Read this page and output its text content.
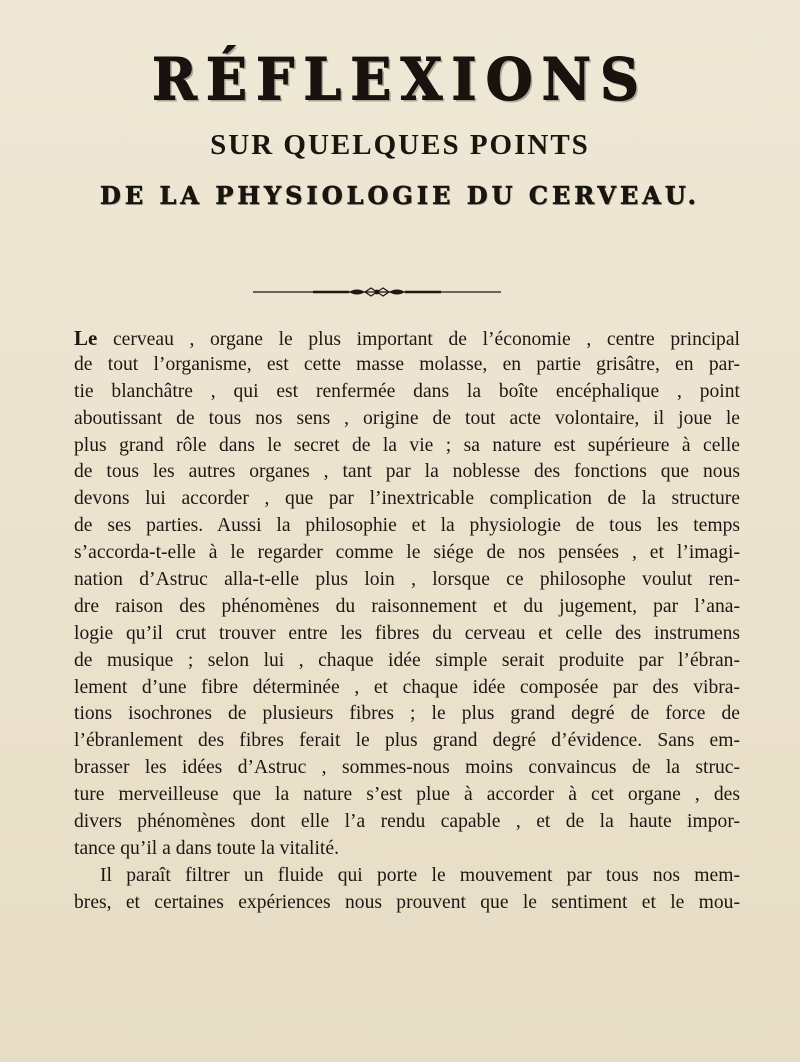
RÉFLEXIONS
SUR QUELQUES POINTS
DE LA PHYSIOLOGIE DU CERVEAU.
Le cerveau , organe le plus important de l’économie , centre principal
de tout l’organisme, est cette masse molasse, en partie grisâtre, en par-
tie blanchâtre , qui est renfermée dans la boîte encéphalique , point
aboutissant de tous nos sens , origine de tout acte volontaire, il joue le
plus grand rôle dans le secret de la vie ; sa nature est supérieure à celle
de tous les autres organes , tant par la noblesse des fonctions que nous
devons lui accorder , que par l’inextricable complication de la structure
de ses parties. Aussi la philosophie et la physiologie de tous les temps
s’accorda-t-elle à le regarder comme le siége de nos pensées , et l’imagi-
nation d’Astruc alla-t-elle plus loin , lorsque ce philosophe voulut ren-
dre raison des phénomènes du raisonnement et du jugement, par l’ana-
logie qu’il crut trouver entre les fibres du cerveau et celle des instrumens
de musique ; selon lui , chaque idée simple serait produite par l’ébran-
lement d’une fibre déterminée , et chaque idée composée par des vibra-
tions isochrones de plusieurs fibres ; le plus grand degré de force de
l’ébranlement des fibres ferait le plus grand degré d’évidence. Sans em-
brasser les idées d’Astruc , sommes-nous moins convaincus de la struc-
ture merveilleuse que la nature s’est plue à accorder à cet organe , des
divers phénomènes dont elle l’a rendu capable , et de la haute impor-
tance qu’il a dans toute la vitalité.
Il paraît filtrer un fluide qui porte le mouvement par tous nos mem-
bres, et certaines expériences nous prouvent que le sentiment et le mou-
